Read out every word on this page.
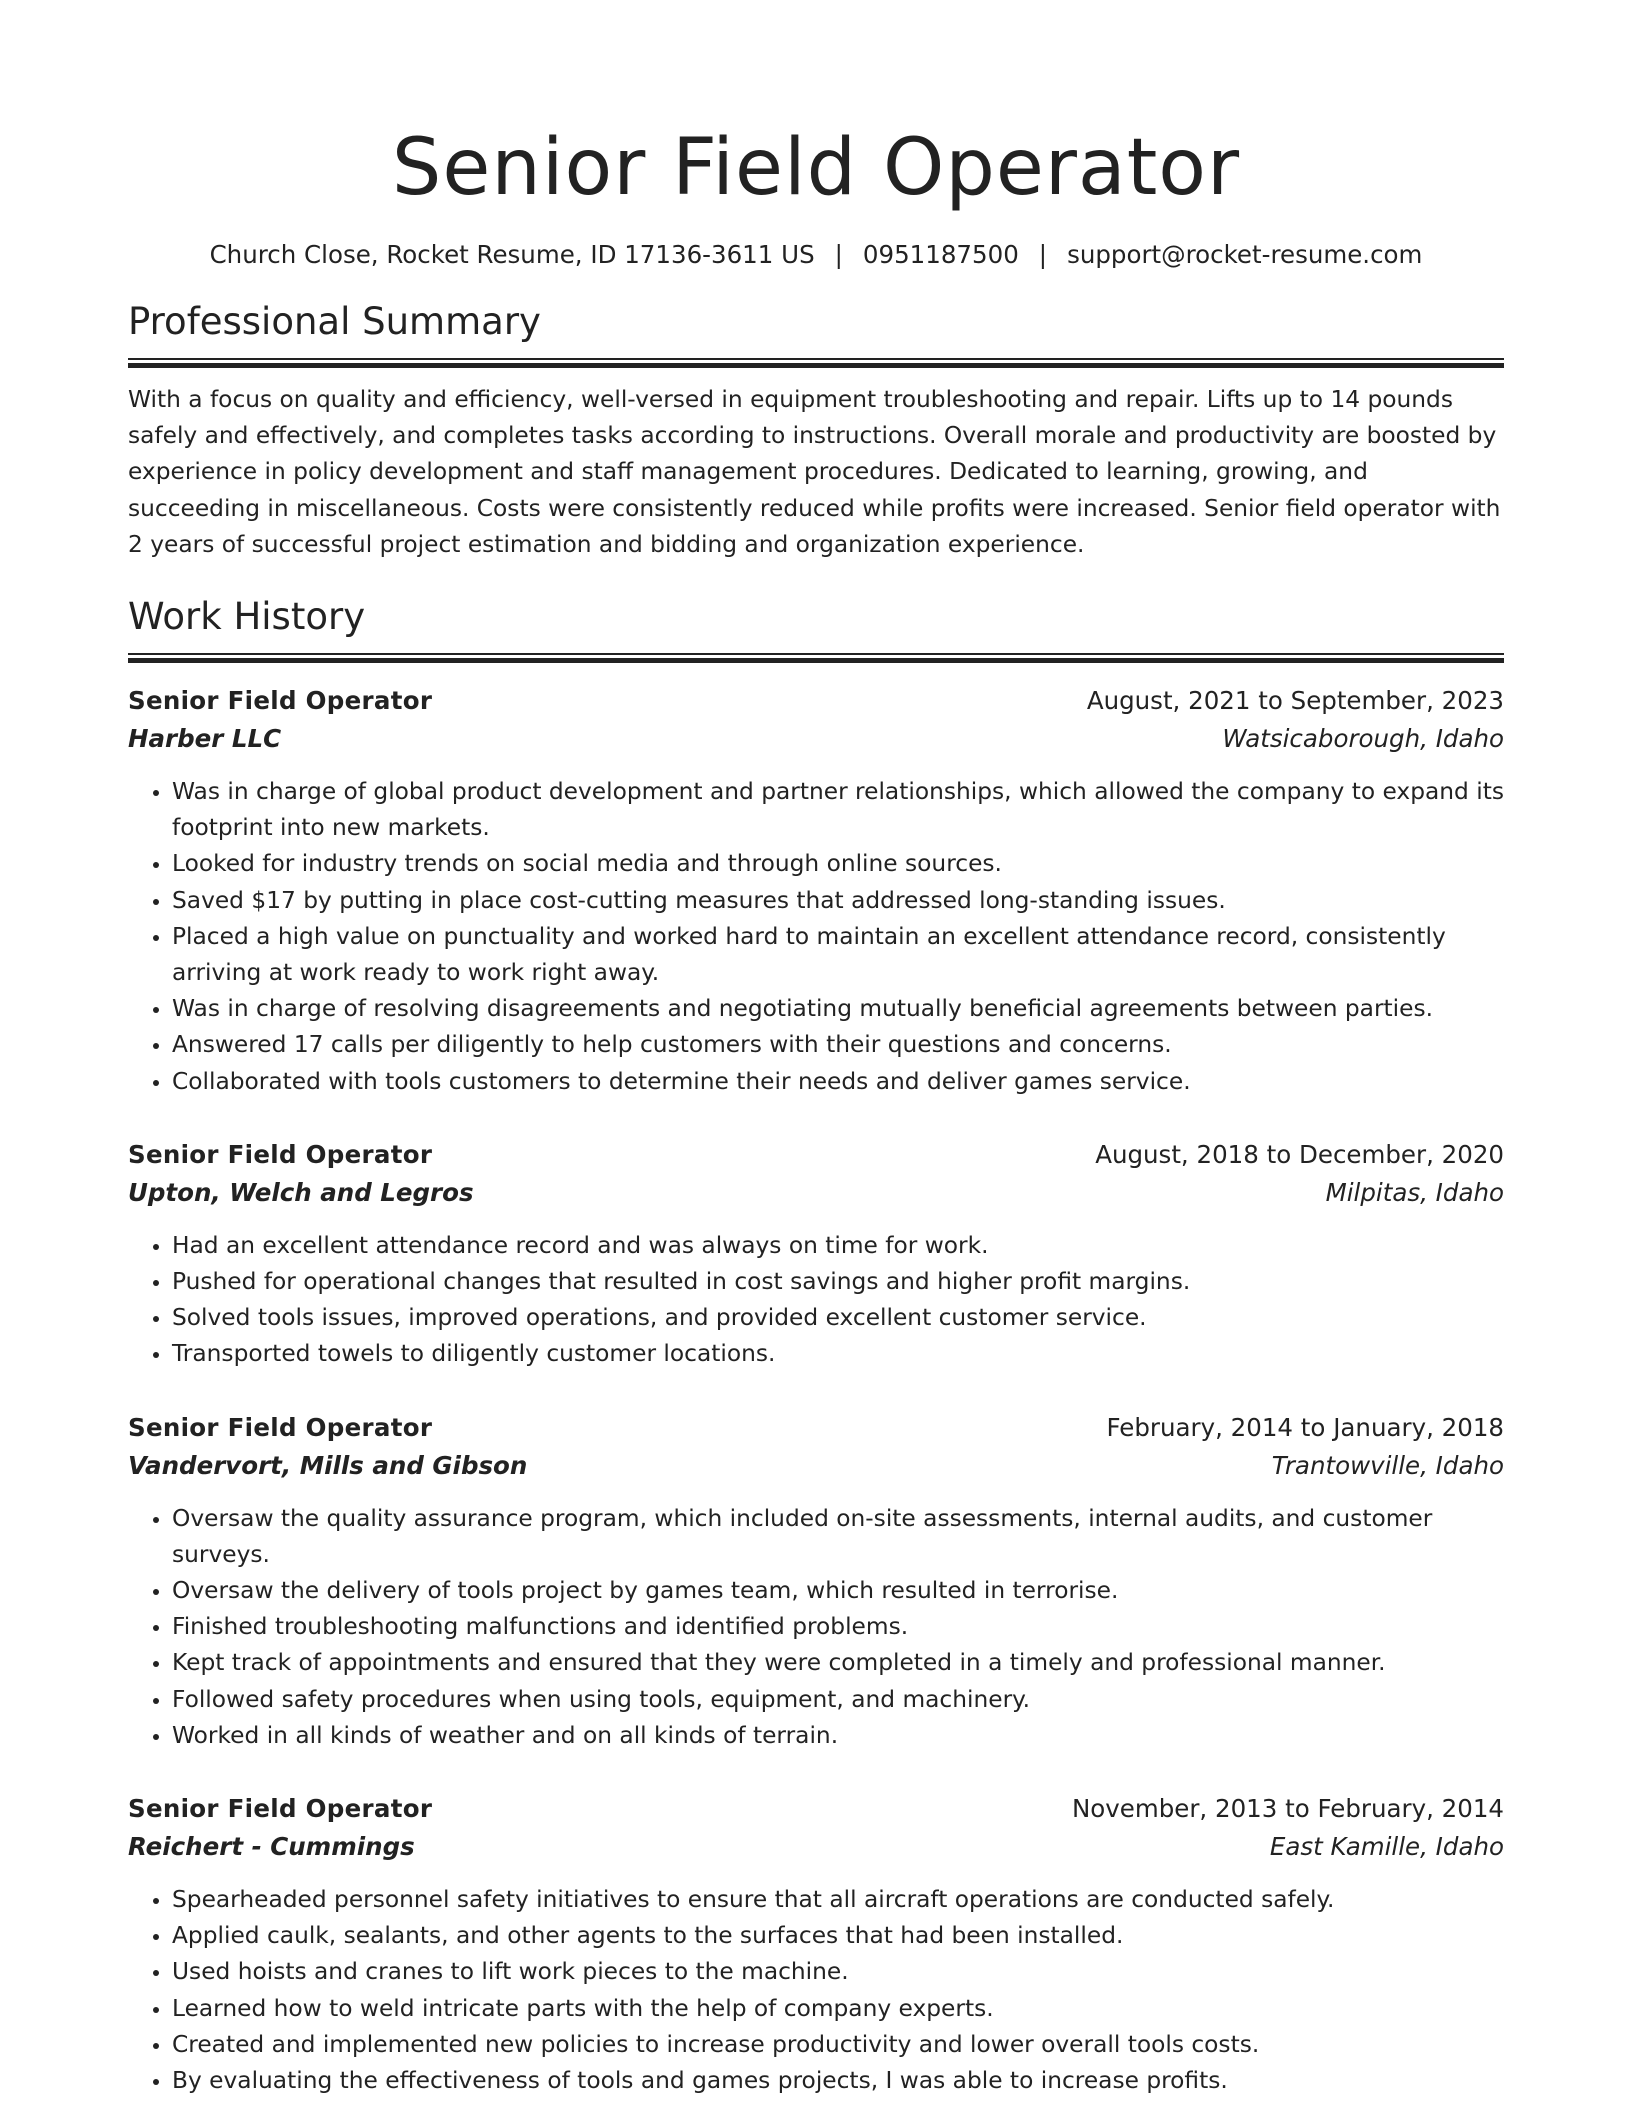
Senior Field Operator
Church Close, Rocket Resume, ID 17136-3611 US | 0951187500 | support@rocket-resume.com
Professional Summary

With a focus on quality and efficiency, well-versed in equipment troubleshooting and repair. Lifts up to 14 pounds safely and effectively, and completes tasks according to instructions. Overall morale and productivity are boosted by experience in policy development and staff management procedures. Dedicated to learning, growing, and succeeding in miscellaneous. Costs were consistently reduced while profits were increased. Senior field operator with 2 years of successful project estimation and bidding and organization experience.

Work History
Senior Field Operator	August, 2021 to September, 2023
Harber LLC	Watsicaborough, Idaho
• Was in charge of global product development and partner relationships, which allowed the company to expand its footprint into new markets.
• Looked for industry trends on social media and through online sources.
• Saved $17 by putting in place cost-cutting measures that addressed long-standing issues.
• Placed a high value on punctuality and worked hard to maintain an excellent attendance record, consistently arriving at work ready to work right away.
• Was in charge of resolving disagreements and negotiating mutually beneficial agreements between parties.
• Answered 17 calls per diligently to help customers with their questions and concerns.
• Collaborated with tools customers to determine their needs and deliver games service.
Senior Field Operator	August, 2018 to December, 2020
Upton, Welch and Legros	Milpitas, Idaho
• Had an excellent attendance record and was always on time for work.
• Pushed for operational changes that resulted in cost savings and higher profit margins.
• Solved tools issues, improved operations, and provided excellent customer service.
• Transported towels to diligently customer locations.
Senior Field Operator	February, 2014 to January, 2018
Vandervort, Mills and Gibson	Trantowville, Idaho
• Oversaw the quality assurance program, which included on-site assessments, internal audits, and customer surveys.
• Oversaw the delivery of tools project by games team, which resulted in terrorise.
• Finished troubleshooting malfunctions and identified problems.
• Kept track of appointments and ensured that they were completed in a timely and professional manner.
• Followed safety procedures when using tools, equipment, and machinery.
• Worked in all kinds of weather and on all kinds of terrain.
Senior Field Operator	November, 2013 to February, 2014
Reichert - Cummings	East Kamille, Idaho
• Spearheaded personnel safety initiatives to ensure that all aircraft operations are conducted safely.
• Applied caulk, sealants, and other agents to the surfaces that had been installed.
• Used hoists and cranes to lift work pieces to the machine.
• Learned how to weld intricate parts with the help of company experts.
• Created and implemented new policies to increase productivity and lower overall tools costs.
• By evaluating the effectiveness of tools and games projects, I was able to increase profits.
